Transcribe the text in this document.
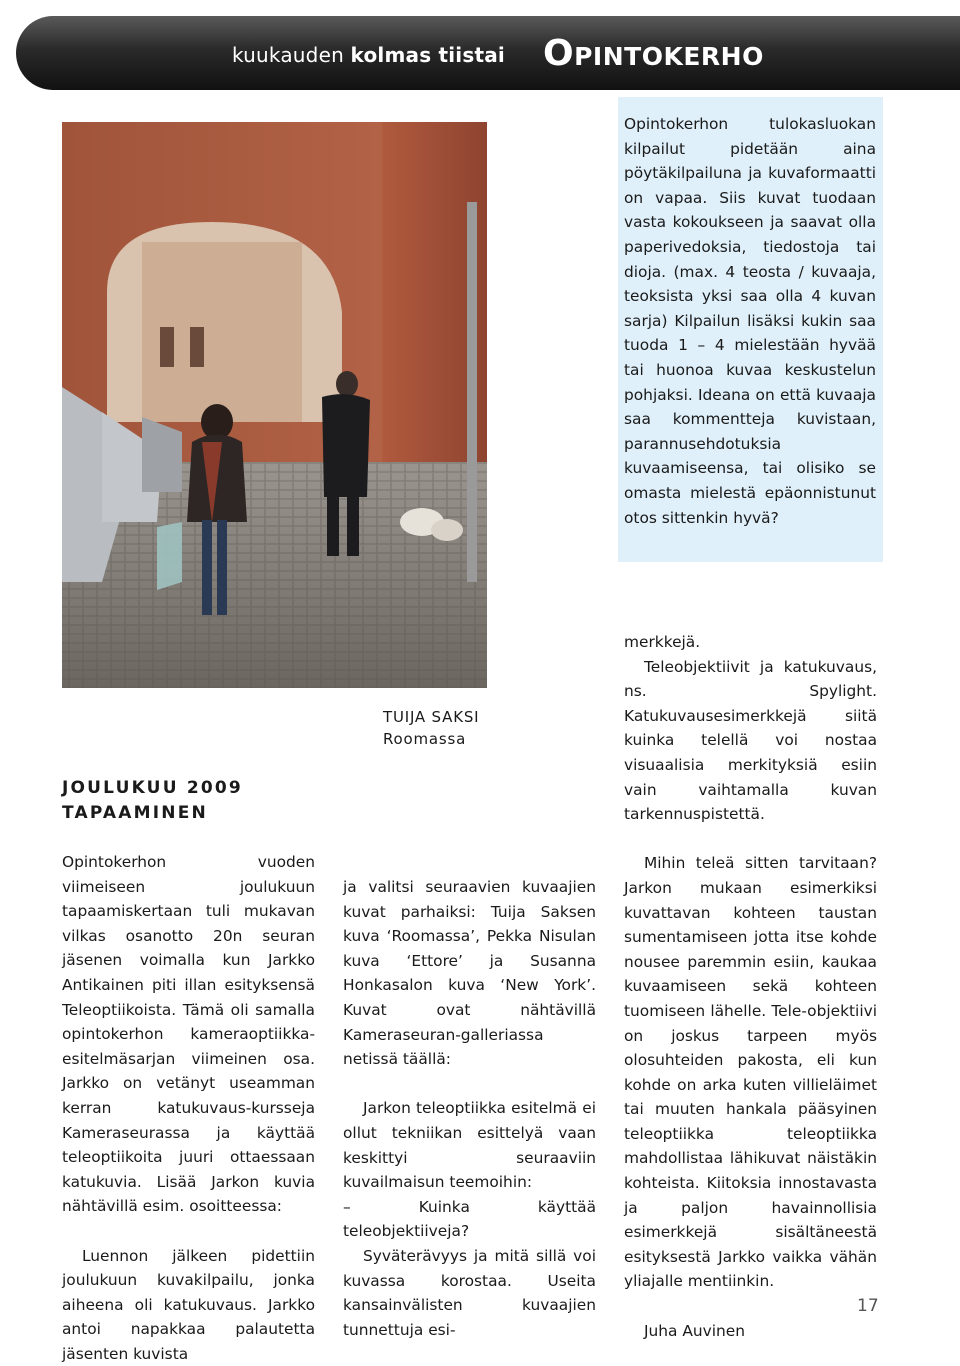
kuukauden kolmas tiistai Opintokerho
Opintokerhon tulokasluokan kilpailut pidetään aina pöytäkilpailuna ja kuvaformaatti on vapaa. Siis kuvat tuodaan vasta kokoukseen ja saavat olla paperivedoksia, tiedostoja tai dioja. (max. 4 teosta / kuvaaja, teoksista yksi saa olla 4 kuvan sarja) Kilpailun lisäksi kukin saa tuoda 1 – 4 mielestään hyvää tai huonoa kuvaa keskustelun pohjaksi. Ideana on että kuvaaja saa kommentteja kuvistaan, parannusehdotuksia kuvaamiseensa, tai olisiko se omasta mielestä epäonnistunut otos sittenkin hyvä?
TUIJA SAKSI
Roomassa
JOULUKUU 2009 TAPAAMINEN

Opintokerhon vuoden viimeiseen joulukuun tapaamiskertaan tuli mukavan vilkas osanotto 20n seuran jäsenen voimalla kun Jarkko Antikainen piti illan esityksensä Teleoptiikoista. Tämä oli samalla opintokerhon kameraoptiikka-esitelmäsarjan viimeinen osa. Jarkko on vetänyt useamman kerran katukuvaus-kursseja Kameraseurassa ja käyttää teleoptiikoita juuri ottaessaan katukuvia. Lisää Jarkon kuvia nähtävillä esim. osoitteessa:

Luennon jälkeen pidettiin joulukuun kuvakilpailu, jonka aiheena oli katukuvaus. Jarkko antoi napakkaa palautetta jäsenten kuvista

ja valitsi seuraavien kuvaajien kuvat parhaiksi: Tuija Saksen kuva ‘Roomassa’, Pekka Nisulan kuva ‘Ettore’ ja Susanna Honkasalon kuva ‘New York’. Kuvat ovat nähtävillä Kameraseuran-galleriassa netissä täällä:

Jarkon teleoptiikka esitelmä ei ollut tekniikan esittelyä vaan keskittyi seuraaviin kuvailmaisun teemoihin:

– Kuinka käyttää teleobjektiiveja?

Syväterävyys ja mitä sillä voi kuvassa korostaa. Useita kansainvälisten kuvaajien tunnettuja esi-

merkkejä.

Teleobjektiivit ja katukuvaus, ns. Spylight. Katukuvausesimerkkejä siitä kuinka telellä voi nostaa visuaalisia merkityksiä esiin vain vaihtamalla kuvan tarkennuspistettä.

Mihin teleä sitten tarvitaan? Jarkon mukaan esimerkiksi kuvattavan kohteen taustan sumentamiseen jotta itse kohde nousee paremmin esiin, kaukaa kuvaamiseen sekä kohteen tuomiseen lähelle. Tele-objektiivi on joskus tarpeen myös olosuhteiden pakosta, eli kun kohde on arka kuten villieläimet tai muuten hankala pääsyinen teleoptiikka teleoptiikka mahdollistaa lähikuvat näistäkin kohteista. Kiitoksia innostavasta ja paljon havainnollisia esimerkkejä sisältäneestä esityksestä Jarkko vaikka vähän yliajalle mentiinkin.

Juha Auvinen

17
